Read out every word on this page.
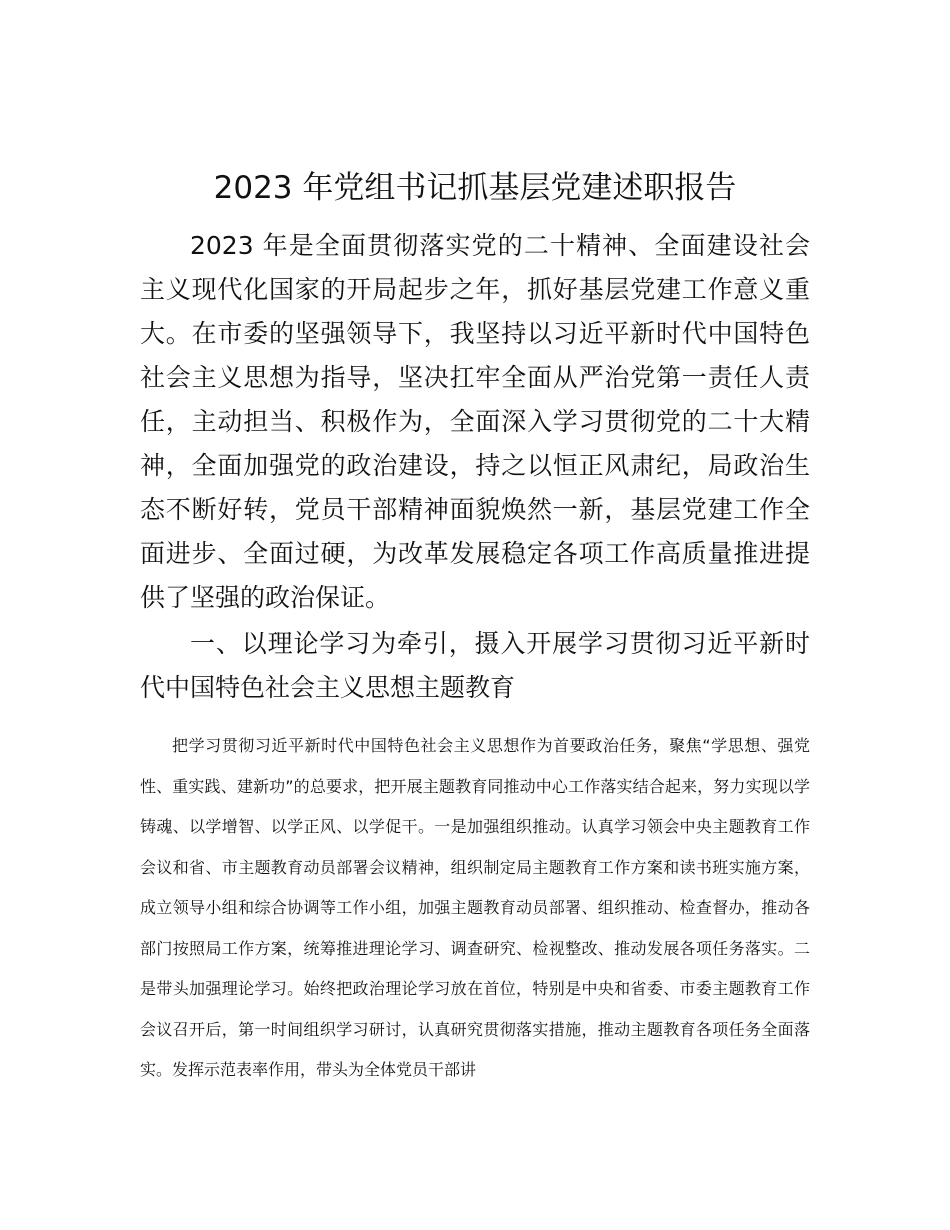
2023 年党组书记抓基层党建述职报告

2023 年是全面贯彻落实党的二十精神、全面建设社会主义现代化国家的开局起步之年，抓好基层党建工作意义重大。在市委的坚强领导下，我坚持以习近平新时代中国特色社会主义思想为指导，坚决扛牢全面从严治党第一责任人责任，主动担当、积极作为，全面深入学习贯彻党的二十大精神，全面加强党的政治建设，持之以恒正风肃纪，局政治生态不断好转，党员干部精神面貌焕然一新，基层党建工作全面进步、全面过硬，为改革发展稳定各项工作高质量推进提供了坚强的政治保证。

一、以理论学习为牵引，摄入开展学习贯彻习近平新时代中国特色社会主义思想主题教育

把学习贯彻习近平新时代中国特色社会主义思想作为首要政治任务，聚焦“学思想、强党性、重实践、建新功”的总要求，把开展主题教育同推动中心工作落实结合起来，努力实现以学铸魂、以学增智、以学正风、以学促干。一是加强组织推动。认真学习领会中央主题教育工作会议和省、市主题教育动员部署会议精神，组织制定局主题教育工作方案和读书班实施方案，成立领导小组和综合协调等工作小组，加强主题教育动员部署、组织推动、检查督办，推动各部门按照局工作方案，统筹推进理论学习、调查研究、检视整改、推动发展各项任务落实。二是带头加强理论学习。始终把政治理论学习放在首位，特别是中央和省委、市委主题教育工作会议召开后，第一时间组织学习研讨，认真研究贯彻落实措施，推动主题教育各项任务全面落实。发挥示范表率作用，带头为全体党员干部讲
